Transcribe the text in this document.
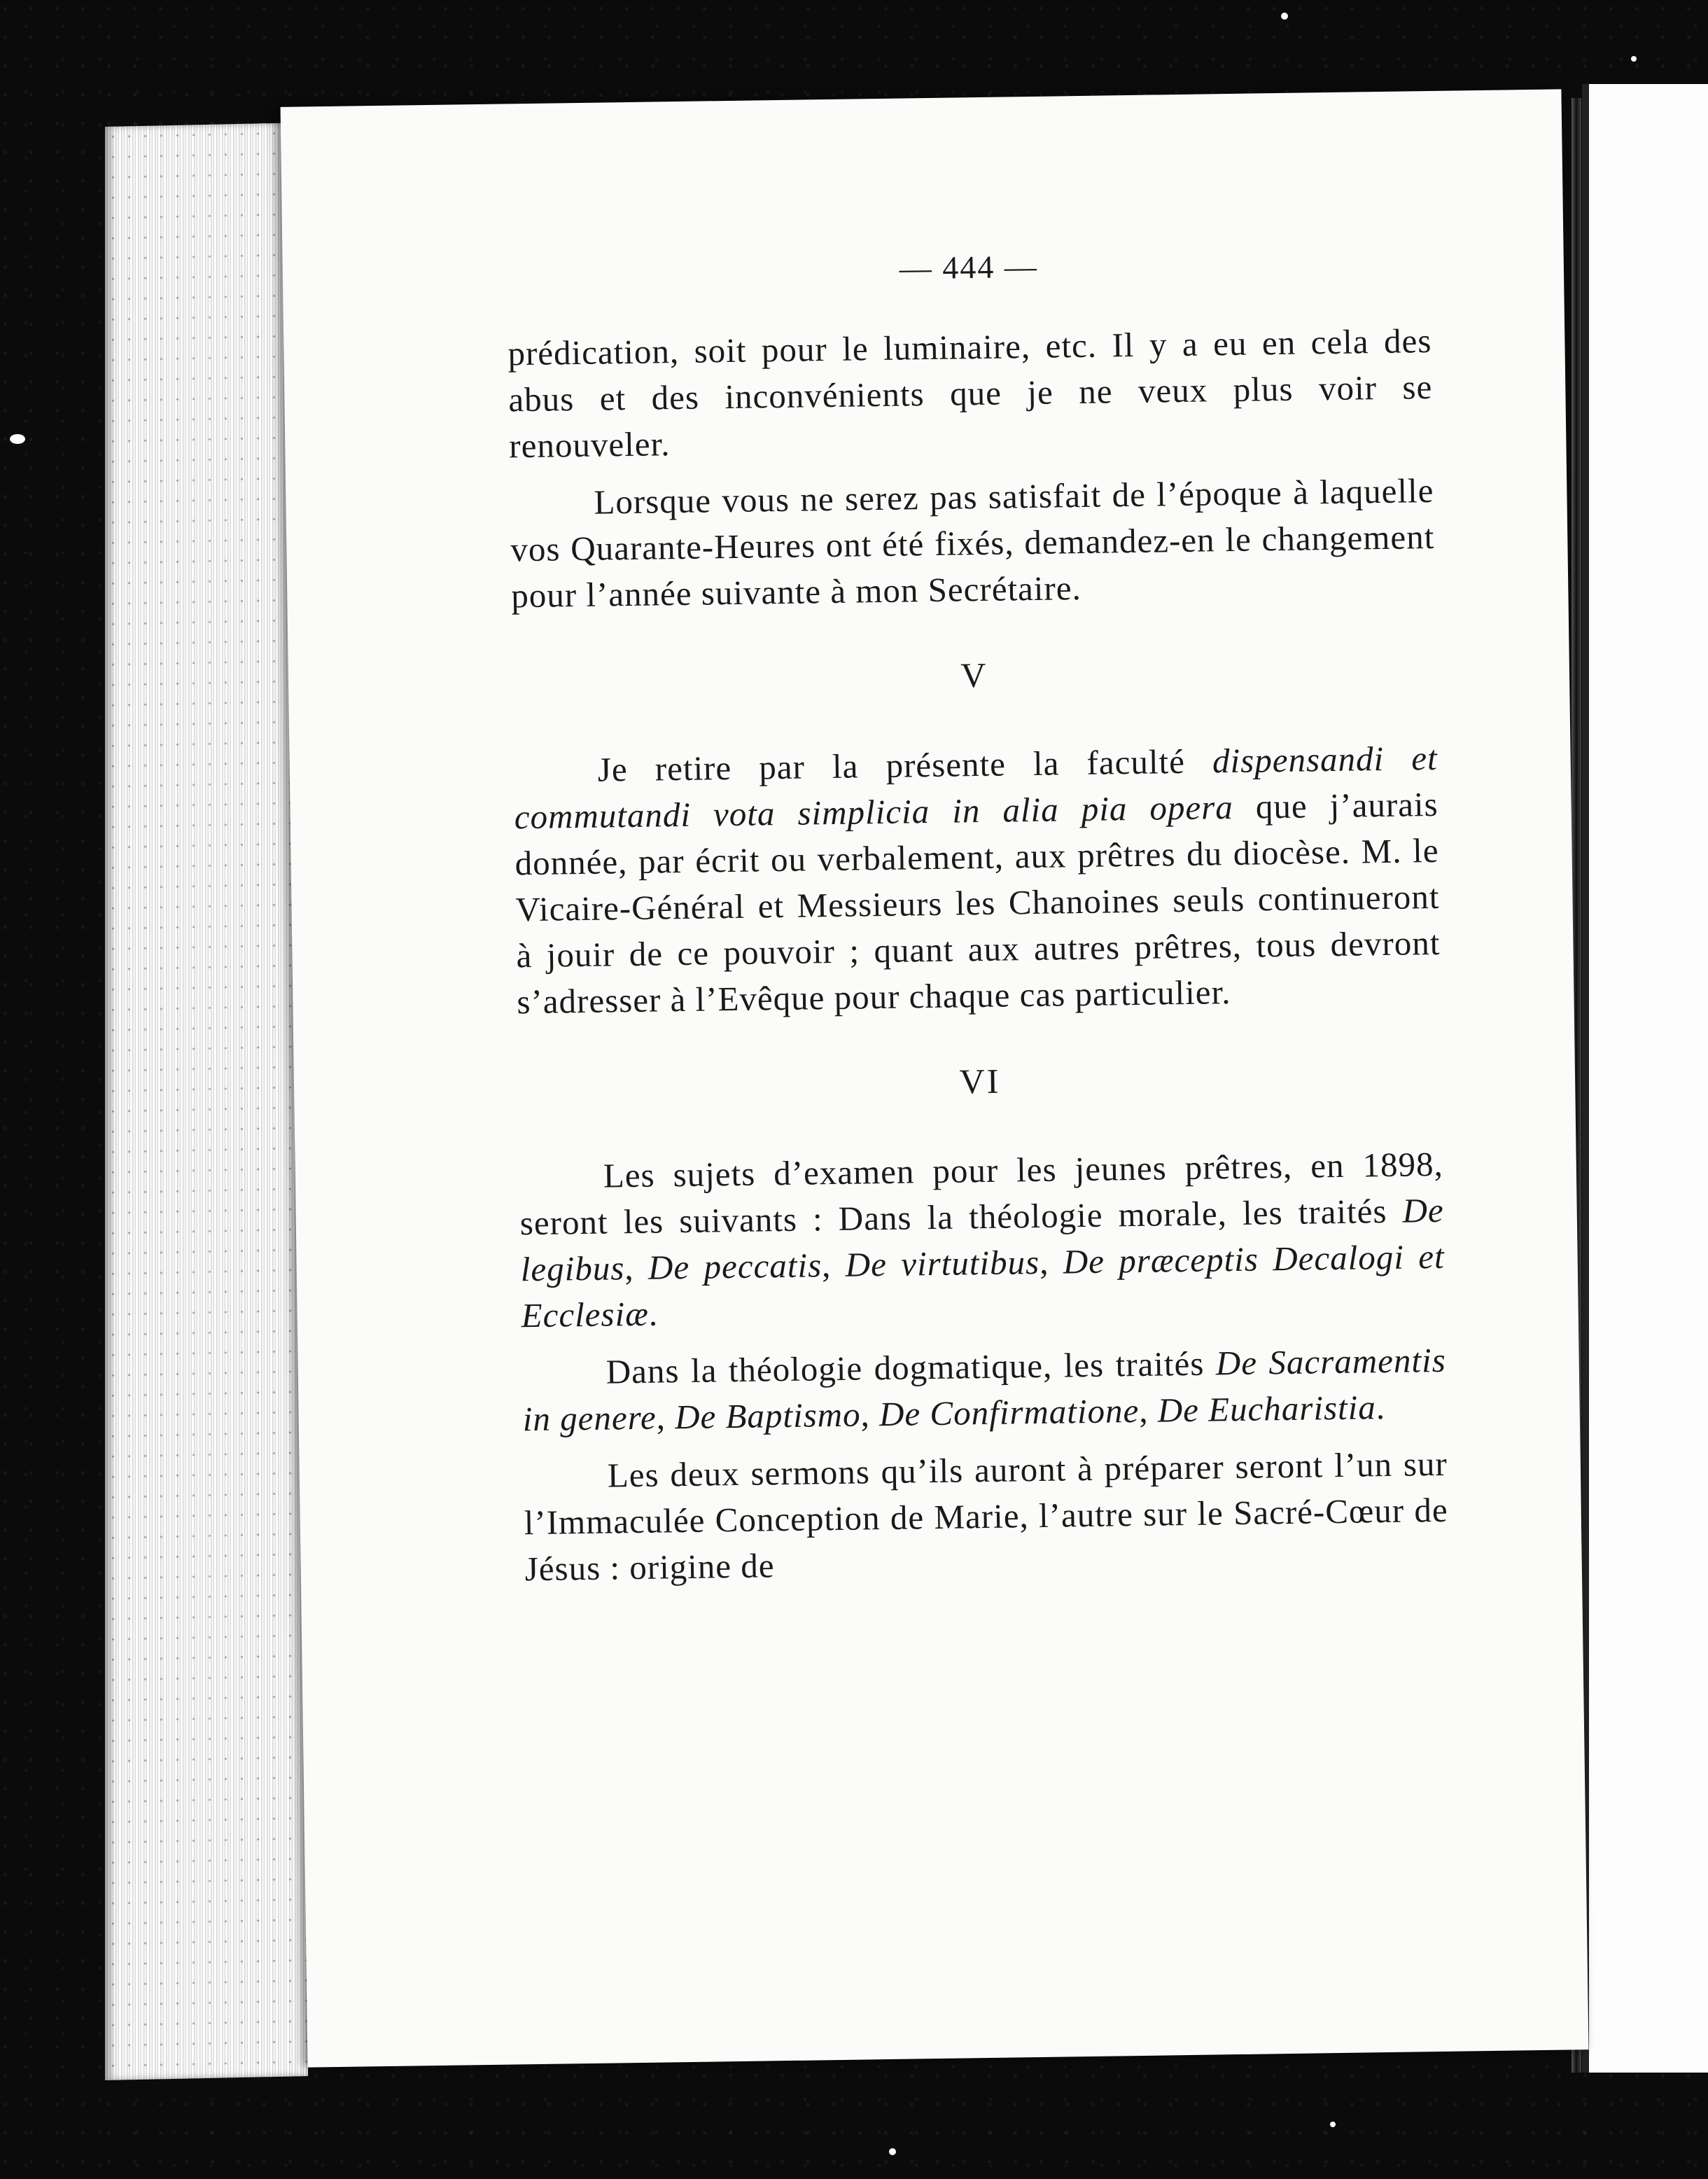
— 444 —

prédication, soit pour le luminaire, etc. Il y a eu en cela des abus et des inconvénients que je ne veux plus voir se renouveler.

Lorsque vous ne serez pas satisfait de l’époque à laquelle vos Quarante-Heures ont été fixés, demandez-en le changement pour l’année suivante à mon Secrétaire.

V

Je retire par la présente la faculté dispensandi et commutandi vota simplicia in alia pia opera que j’aurais donnée, par écrit ou verbalement, aux prêtres du diocèse. M. le Vicaire-Général et Messieurs les Chanoines seuls continueront à jouir de ce pouvoir ; quant aux autres prêtres, tous devront s’adresser à l’Evêque pour chaque cas particulier.

VI

Les sujets d’examen pour les jeunes prêtres, en 1898, seront les suivants : Dans la théologie morale, les traités De legibus, De peccatis, De virtutibus, De præceptis Decalogi et Ecclesiæ.

Dans la théologie dogmatique, les traités De Sacramentis in genere, De Baptismo, De Confirmatione, De Eucharistia.

Les deux sermons qu’ils auront à préparer seront l’un sur l’Immaculée Conception de Marie, l’autre sur le Sacré-Cœur de Jésus : origine de
